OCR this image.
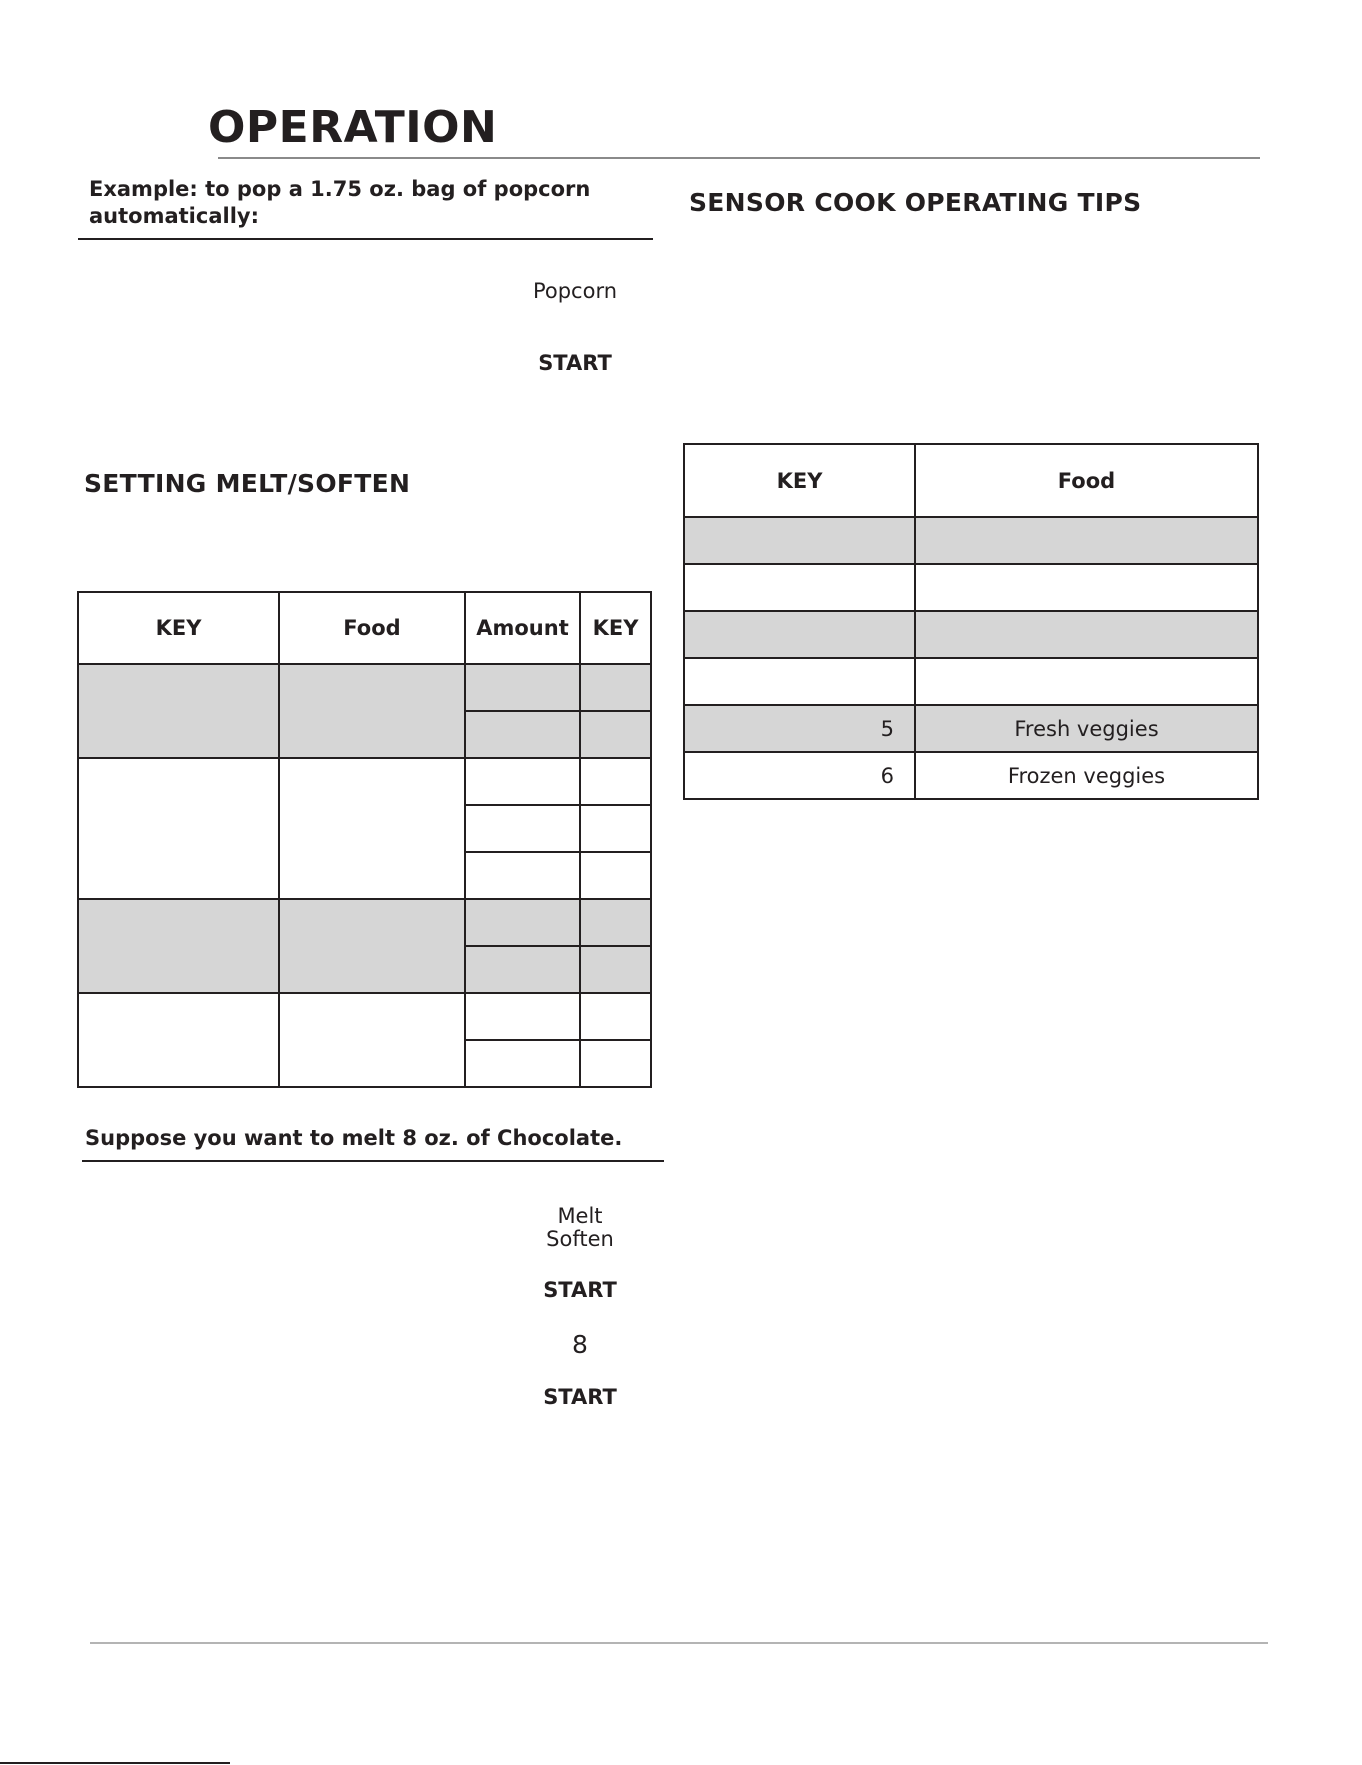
OPERATION

Example: to pop a 1.75 oz. bag of popcorn automatically:

Popcorn
START
SETTING MELT/SOFTEN
KEY	Food	Amount	KEY

Suppose you want to melt 8 oz. of Chocolate.

Melt
Soften
START
8
START
SENSOR COOK OPERATING TIPS
KEY	Food

5	Fresh veggies
6	Frozen veggies
